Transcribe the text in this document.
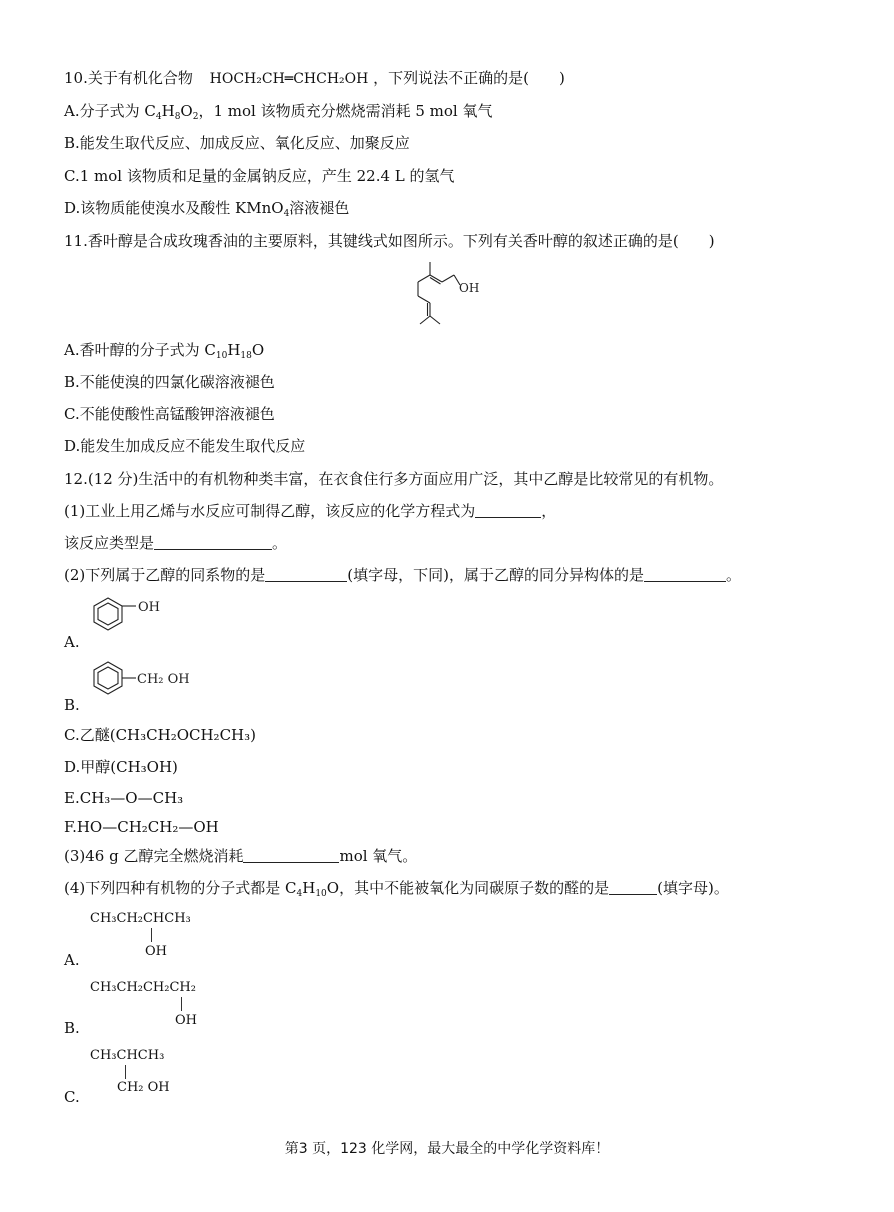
10.关于有机化合物 HOCH₂CH═CHCH₂OH ，下列说法不正确的是(　　)
A.分子式为 $C_4H_8O_2$，1 mol 该物质充分燃烧需消耗 5 mol 氧气
B.能发生取代反应、加成反应、氧化反应、加聚反应
C.1 mol 该物质和足量的金属钠反应，产生 22.4 L 的氢气
D.该物质能使溴水及酸性 KMnO$_4$溶液褪色
11.香叶醇是合成玫瑰香油的主要原料，其键线式如图所示。下列有关香叶醇的叙述正确的是(　　)
OH
A.香叶醇的分子式为 $C_{10}H_{18}O$
B.不能使溴的四氯化碳溶液褪色
C.不能使酸性高锰酸钾溶液褪色
D.能发生加成反应不能发生取代反应
12.(12 分)生活中的有机物种类丰富，在衣食住行多方面应用广泛，其中乙醇是比较常见的有机物。
(1)工业上用乙烯与水反应可制得乙醇，该反应的化学方程式为	，
该反应类型是	。
(2)下列属于乙醇的同系物的是	(填字母，下同)，属于乙醇的同分异构体的是	。
OH
A.
CH₂ OH
B.
C.乙醚(CH₃CH₂OCH₂CH₃)
D.甲醇(CH₃OH)
E.CH₃—O—CH₃
F.HO—CH₂CH₂—OH
(3)46 g 乙醇完全燃烧消耗	mol 氧气。
(4)下列四种有机物的分子式都是 $C_4H_{10}O$，其中不能被氧化为同碳原子数的醛的是	(填字母)。
CH₃CH₂CHCH₃
OH
A.
CH₃CH₂CH₂CH₂
OH
B.
CH₃CHCH₃
CH₂ OH
C.
第3 页，123 化学网，最大最全的中学化学资料库！
